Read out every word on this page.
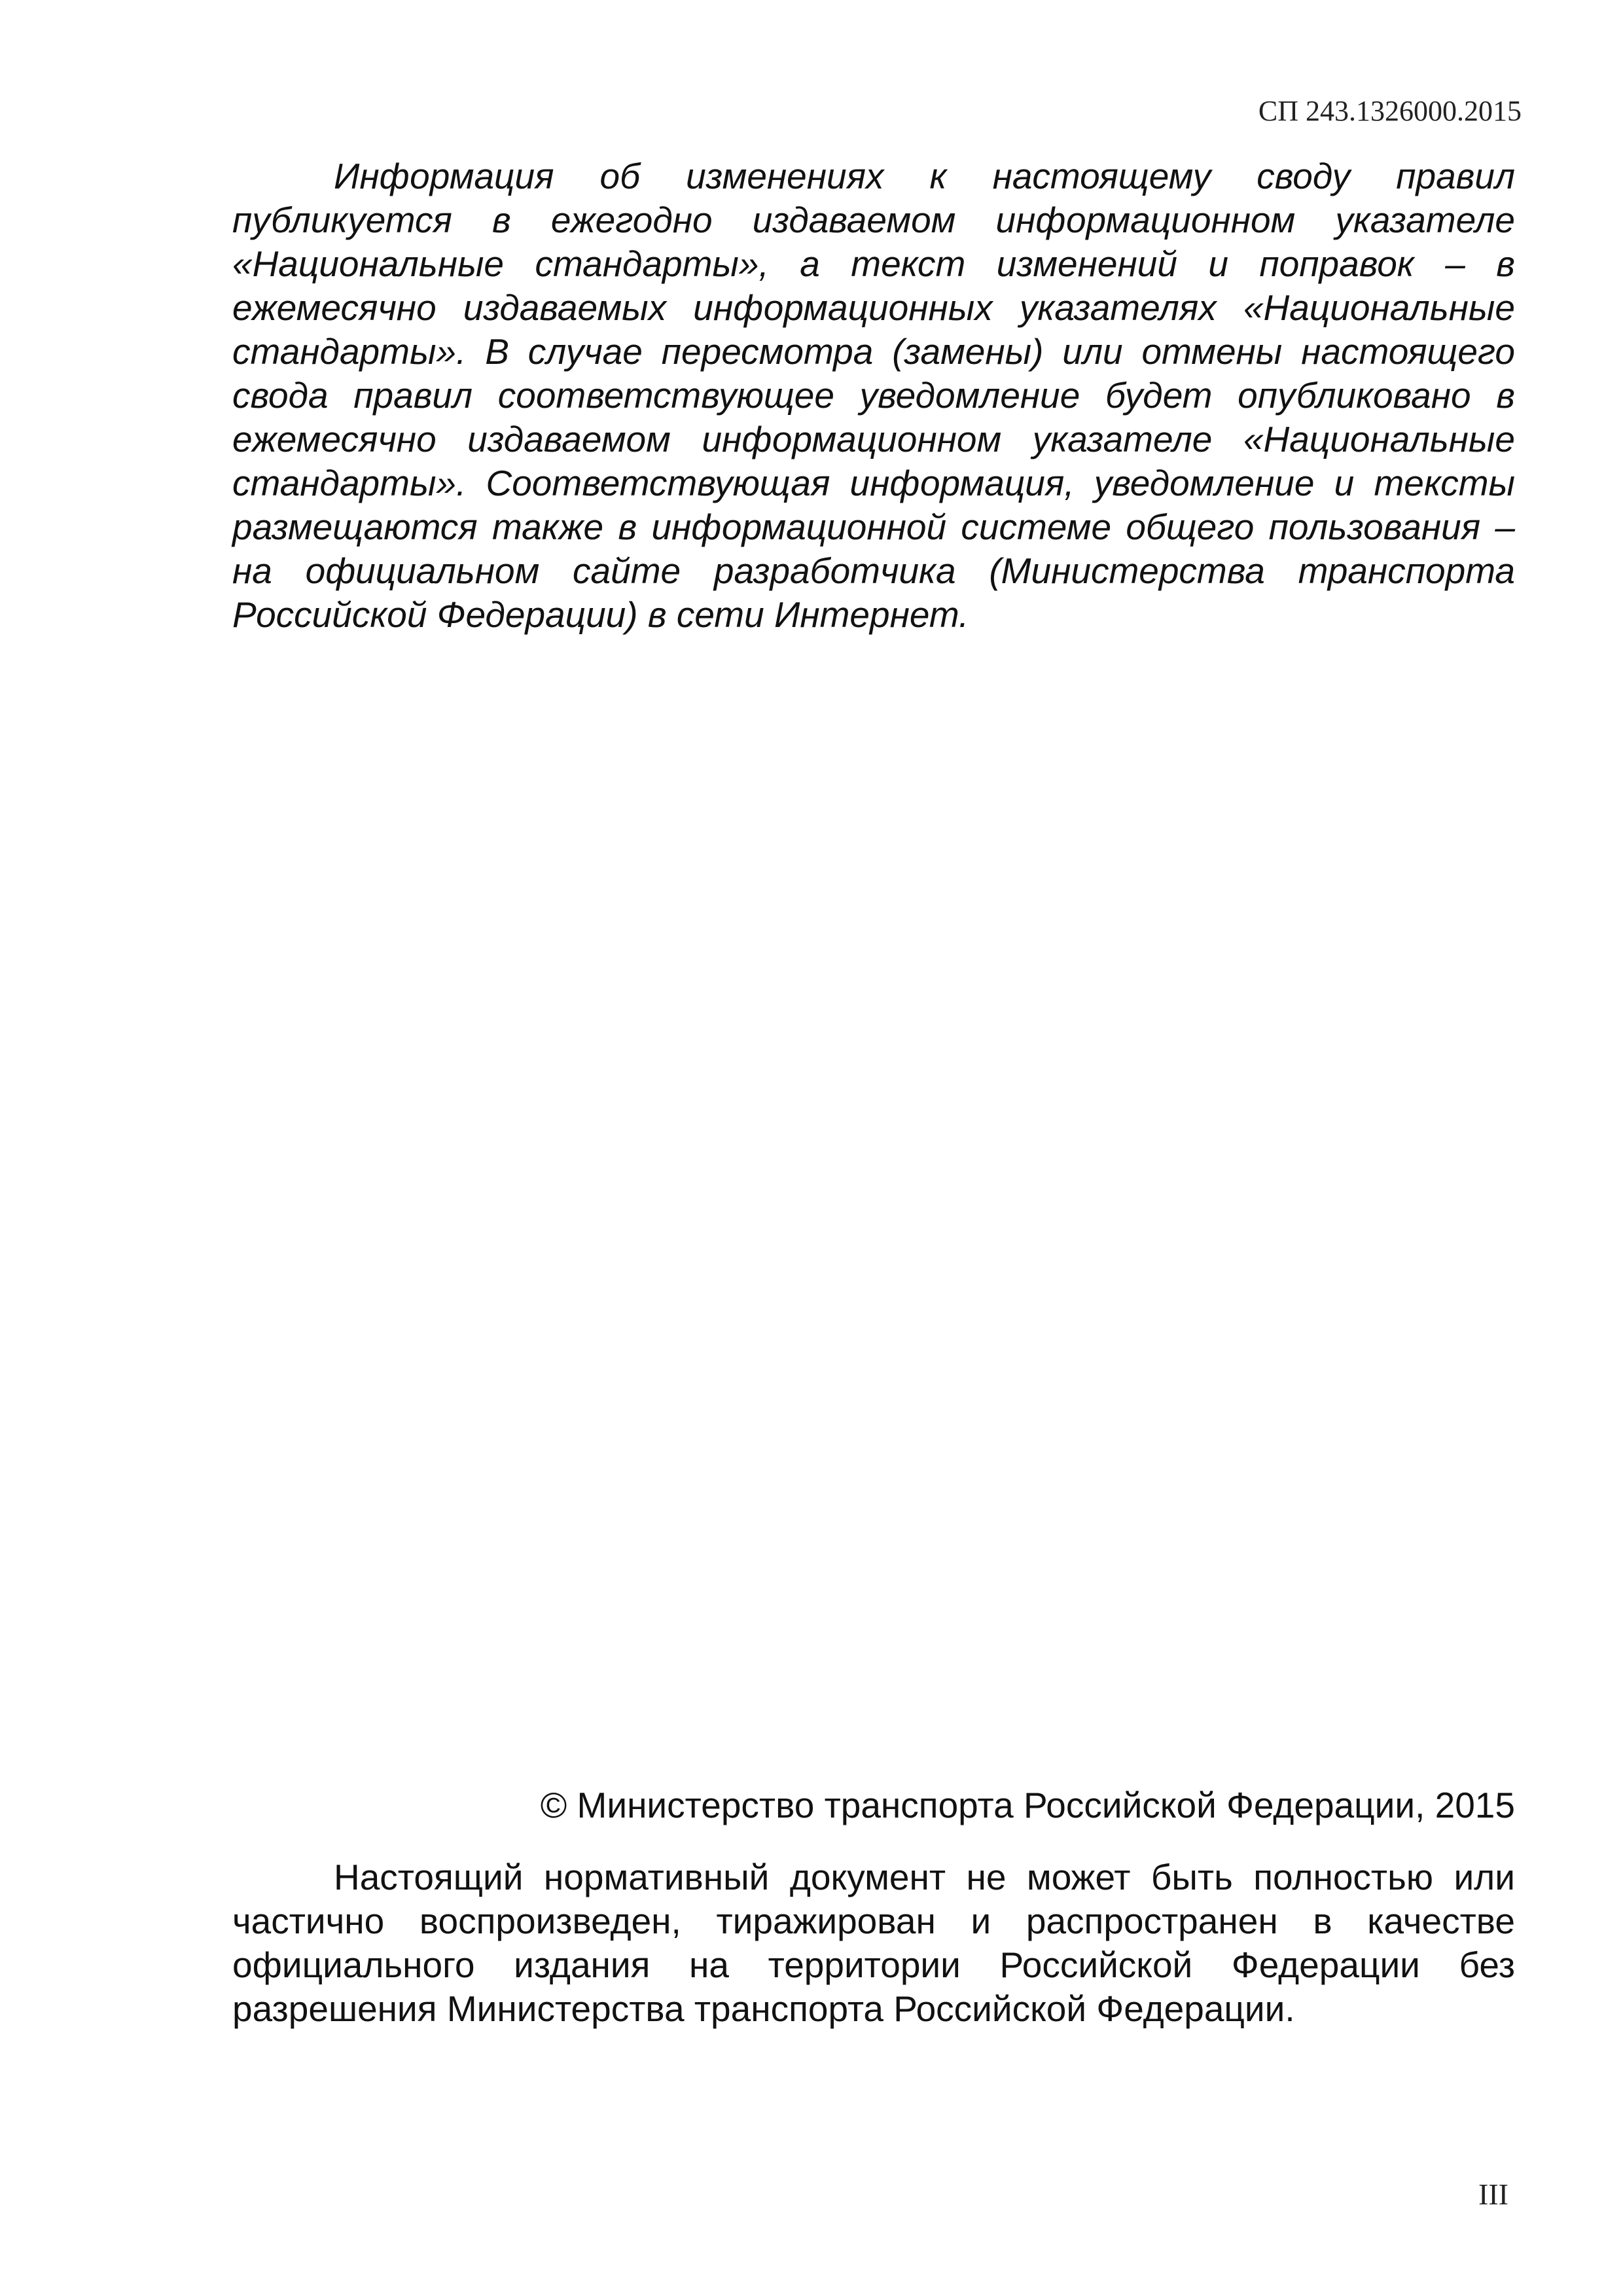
СП 243.1326000.2015

Информация об изменениях к настоящему своду правил публикуется в ежегодно издаваемом информационном указателе «Национальные стандарты», а текст изменений и поправок – в ежемесячно издаваемых информационных указателях «Национальные стандарты». В случае пересмотра (замены) или отмены настоящего свода правил соответствующее уведомление будет опубликовано в ежемесячно издаваемом информационном указателе «Национальные стандарты». Соответствующая информация, уведомление и тексты размещаются также в информационной системе общего пользования – на официальном сайте разработчика (Министерства транспорта Российской Федерации) в сети Интернет.

© Министерство транспорта Российской Федерации, 2015

Настоящий нормативный документ не может быть полностью или частично воспроизведен, тиражирован и распространен в качестве официального издания на территории Российской Федерации без разрешения Министерства транспорта Российской Федерации.

III
